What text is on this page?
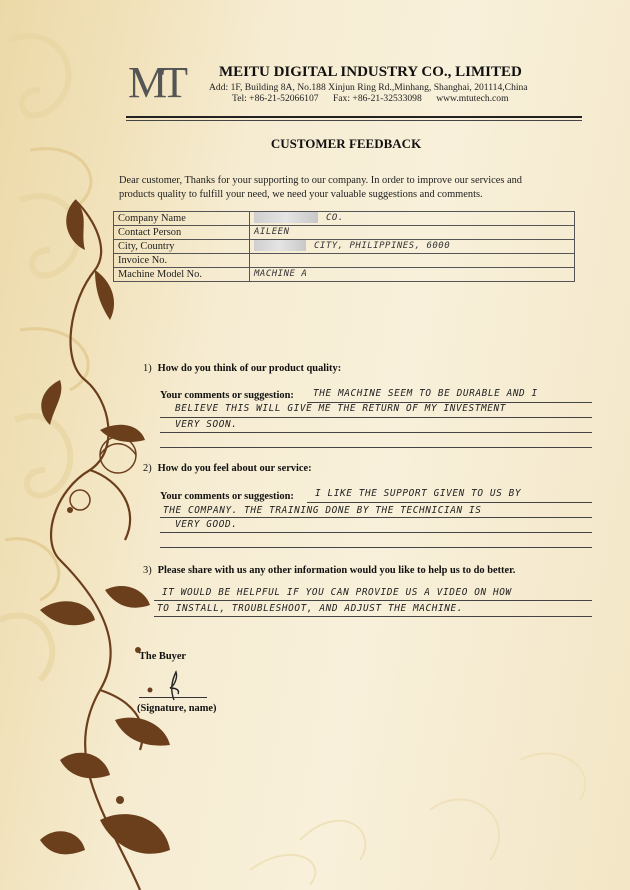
MT	MEITU DIGITAL INDUSTRY CO., LIMITED
Add: 1F, Building 8A, No.188 Xinjun Ring Rd.,Minhang, Shanghai, 201114,China
Tel: +86-21-52066107 Fax: +86-21-32533098 www.mtutech.com
CUSTOMER FEEDBACK
Dear customer, Thanks for your supporting to our company. In order to improve our services and products quality to fulfill your need, we need your valuable suggestions and comments.
Company Name	CO.
Contact Person	AILEEN
City, Country	CITY, PHILIPPINES, 6000
Invoice No.	
Machine Model No.	MACHINE A
1) How do you think of our product quality:
Your comments or suggestion: THE MACHINE SEEM TO BE DURABLE AND I
BELIEVE THIS WILL GIVE ME THE RETURN OF MY INVESTMENT
VERY SOON.
2) How do you feel about our service:
Your comments or suggestion: I LIKE THE SUPPORT GIVEN TO US BY
THE COMPANY. THE TRAINING DONE BY THE TECHNICIAN IS
VERY GOOD.
3) Please share with us any other information would you like to help us to do better.
IT WOULD BE HELPFUL IF YOU CAN PROVIDE US A VIDEO ON HOW
TO INSTALL, TROUBLESHOOT, AND ADJUST THE MACHINE.
The Buyer
(Signature, name)
